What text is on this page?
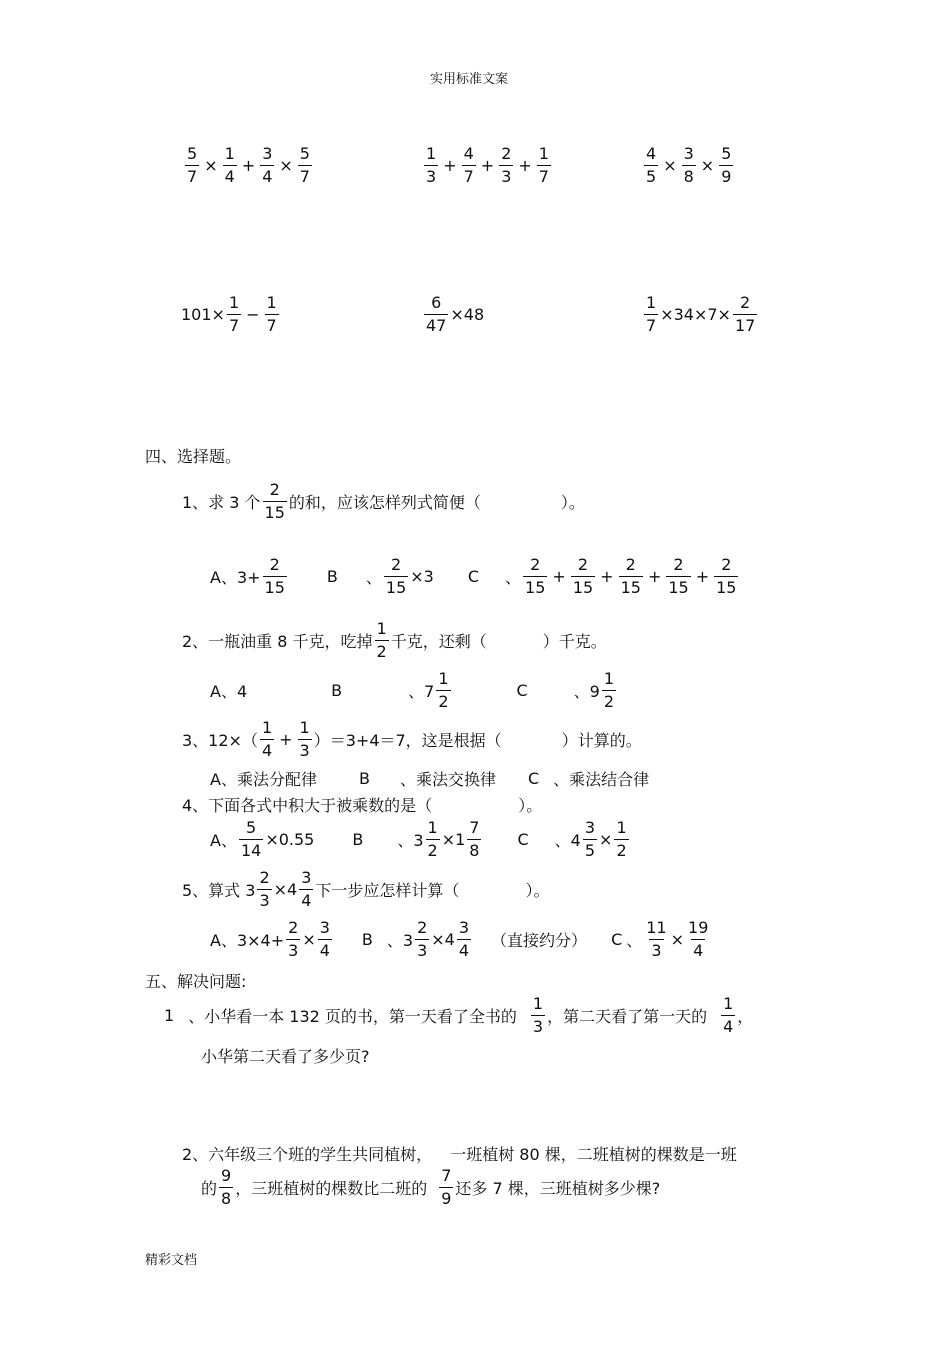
实用标准文案
$\frac{5}{7} \times \frac{1}{4} + \frac{3}{4} \times \frac{5}{7}$	$\frac{1}{3} + \frac{4}{7} + \frac{2}{3} + \frac{1}{7}$	$\frac{4}{5} \times \frac{3}{8} \times \frac{5}{9}$
$101\times \frac{1}{7} - \frac{1}{7}$	$\frac{6}{47} \times 48$	$\frac{1}{7} \times 34\times 7\times \frac{2}{17}$
四、选择题。
1、求 3 个 $\frac{2}{15}$ 的和，应该怎样列式简便（	）。
A、$3+ \frac{2}{15}$	B 、 $\frac{2}{15} \times 3$ C 、 $\frac{2}{15} + \frac{2}{15} + \frac{2}{15} + \frac{2}{15} + \frac{2}{15}$
2、一瓶油重 8 千克，吃掉 $\frac{1}{2}$ 千克，还剩（	）千克。
A、4	B	、$7 \frac{1}{2}$	C	、$9 \frac{1}{2}$
3、$12\times( \frac{1}{4} + \frac{1}{3} )=3+4=7$，这是根据（	）计算的。
A、乘法分配律	B 、乘法交换律 C 、乘法结合律
4、下面各式中积大于被乘数的是（	）。
A、 $\frac{5}{14} \times 0.55$ B 、$3 \frac{1}{2} \times 1 \frac{7}{8}$ C 、$4 \frac{3}{5} \times \frac{1}{2}$
5、算式 $3 \frac{2}{3} \times 4 \frac{3}{4}$ 下一步应怎样计算（	）。
A、$3\times 4+ \frac{2}{3} \times \frac{3}{4}$ B 、$3 \frac{2}{3} \times 4 \frac{3}{4}$ （直接约分） C 、 $\frac{11}{3} \times \frac{19}{4}$
五、解决问题:
1 、小华看一本 132 页的书，第一天看了全书的 $\frac{1}{3}$ ，第二天看了第一天的 $\frac{1}{4}$ ，
小华第二天看了多少页?
2、六年级三个班的学生共同植树， 一班植树 80 棵，二班植树的棵数是一班
的 $\frac{9}{8}$ ，三班植树的棵数比二班的 $\frac{7}{9}$ 还多 7 棵，三班植树多少棵?
精彩文档
